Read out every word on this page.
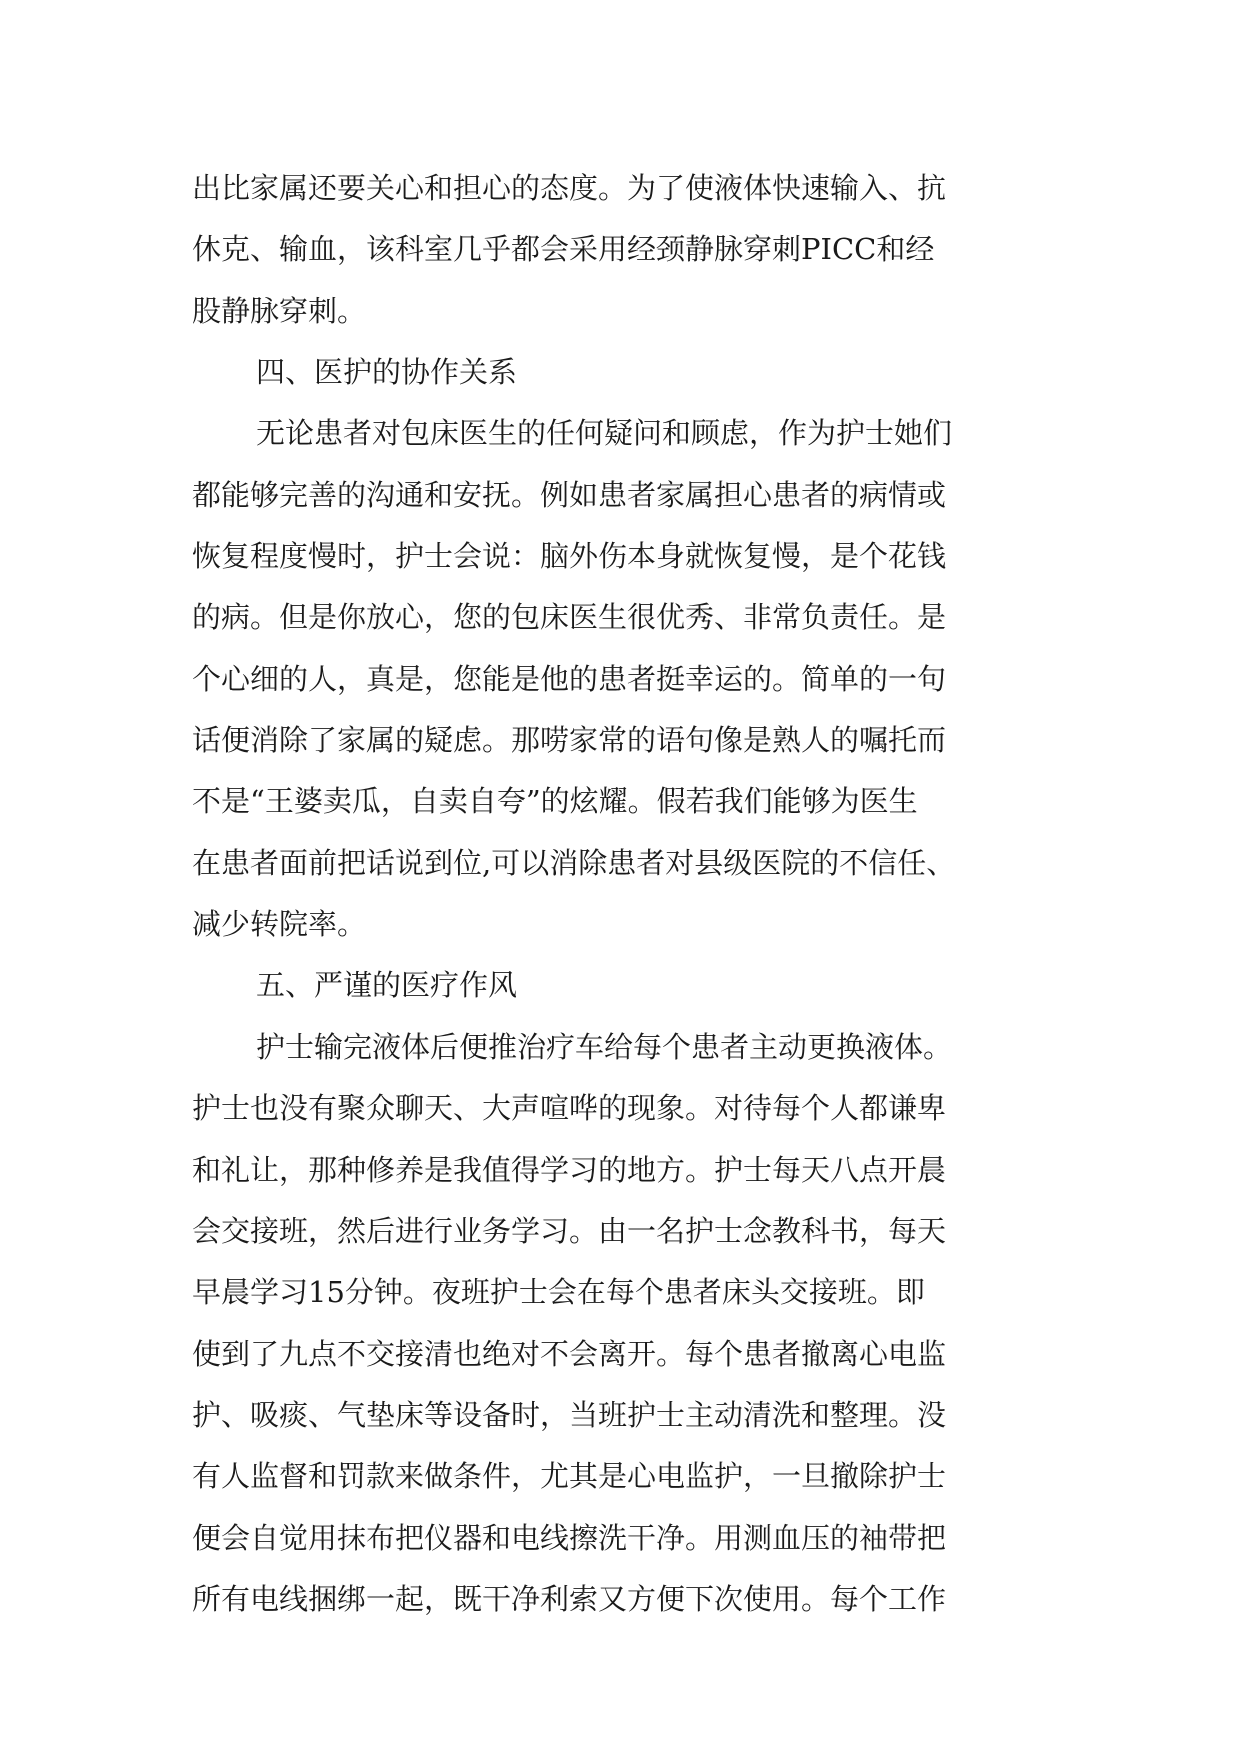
出比家属还要关心和担心的态度。为了使液体快速输入、抗
休克、输血，该科室几乎都会采用经颈静脉穿刺PICC和经
股静脉穿刺。
四、医护的协作关系
无论患者对包床医生的任何疑问和顾虑，作为护士她们
都能够完善的沟通和安抚。例如患者家属担心患者的病情或
恢复程度慢时，护士会说：脑外伤本身就恢复慢，是个花钱
的病。但是你放心，您的包床医生很优秀、非常负责任。是
个心细的人，真是，您能是他的患者挺幸运的。简单的一句
话便消除了家属的疑虑。那唠家常的语句像是熟人的嘱托而
不是“王婆卖瓜，自卖自夸”的炫耀。假若我们能够为医生
在患者面前把话说到位,可以消除患者对县级医院的不信任、
减少转院率。
五、严谨的医疗作风
护士输完液体后便推治疗车给每个患者主动更换液体。
护士也没有聚众聊天、大声喧哗的现象。对待每个人都谦卑
和礼让，那种修养是我值得学习的地方。护士每天八点开晨
会交接班，然后进行业务学习。由一名护士念教科书，每天
早晨学习15分钟。夜班护士会在每个患者床头交接班。即
使到了九点不交接清也绝对不会离开。每个患者撤离心电监
护、吸痰、气垫床等设备时，当班护士主动清洗和整理。没
有人监督和罚款来做条件，尤其是心电监护，一旦撤除护士
便会自觉用抹布把仪器和电线擦洗干净。用测血压的袖带把
所有电线捆绑一起，既干净利索又方便下次使用。每个工作
